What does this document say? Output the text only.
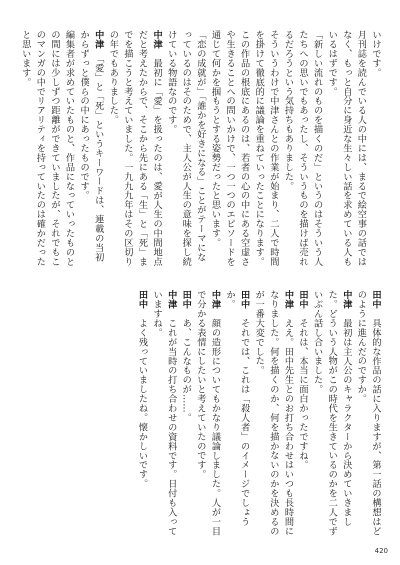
いけです。

月刊誌を読んでいる人の中には、まるで絵空事の話ではなく、もっと自分に身近な生々しい話を求めている人もいるはずです。

「新しい流れのものを描くのだ」というのはそういう人たちへの思いでもあったし、そういうものを描けば売れるだろうという気持ちもありました。

そういうわけで中津さんとの作業が始まり、二人で時間を掛けて徹底的に議論を重ねていったことになります。

この作品の根底にあるのは、若者の心の中にある空虚さや生きることへの問いかけで、一つ一つのエピソードを通じて何かを掴もうとする姿勢だったと思います。

「恋の成就が」「誰かを好きになる」ことがテーマになっているのはそのためで、主人公が人生の意味を探し続けている物語なのです。

中津　最初に「愛」を扱ったのは、愛が人生の中間地点だと考えたからで、そこから先にある「生」と「死」までを描こうと考えていました。一九九九年はその区切りの年でもありました。

中津　「愛」と「死」というキーワードは、連載の当初からずっと僕らの中にあったものです。

編集者が求めていたものと、作品になっていったものとの間には少しずつ距離ができていましたが、それでもこのマンガの中でリアリティを持っていたのは確かだったと思います。

田中　具体的な作品の話に入りますが、第一話の構想はどのように進んだのですか。

中津　最初は主人公のキャラクターから決めていきました。どういう人物がこの時代を生きているのかを二人でずいぶん話し合いました。

田中　それは、本当に面白かったですね。

中津　ええ。田中先生とのお打ち合わせはいつも長時間になりました。何を描くのか、何を描かないのかを決めるのが一番大変でした。

田中　それでは、これは「殺人者」のイメージでしょうか。

中津　顔の造形についてもかなり議論しました。人が一目で分かる表情にしたいと考えていたのです。

田中　あ、こんなものが……。

中津　これが当時の打ち合わせの資料です。日付も入っていますね。

田中　よく残っていましたね。懐かしいです。

420
